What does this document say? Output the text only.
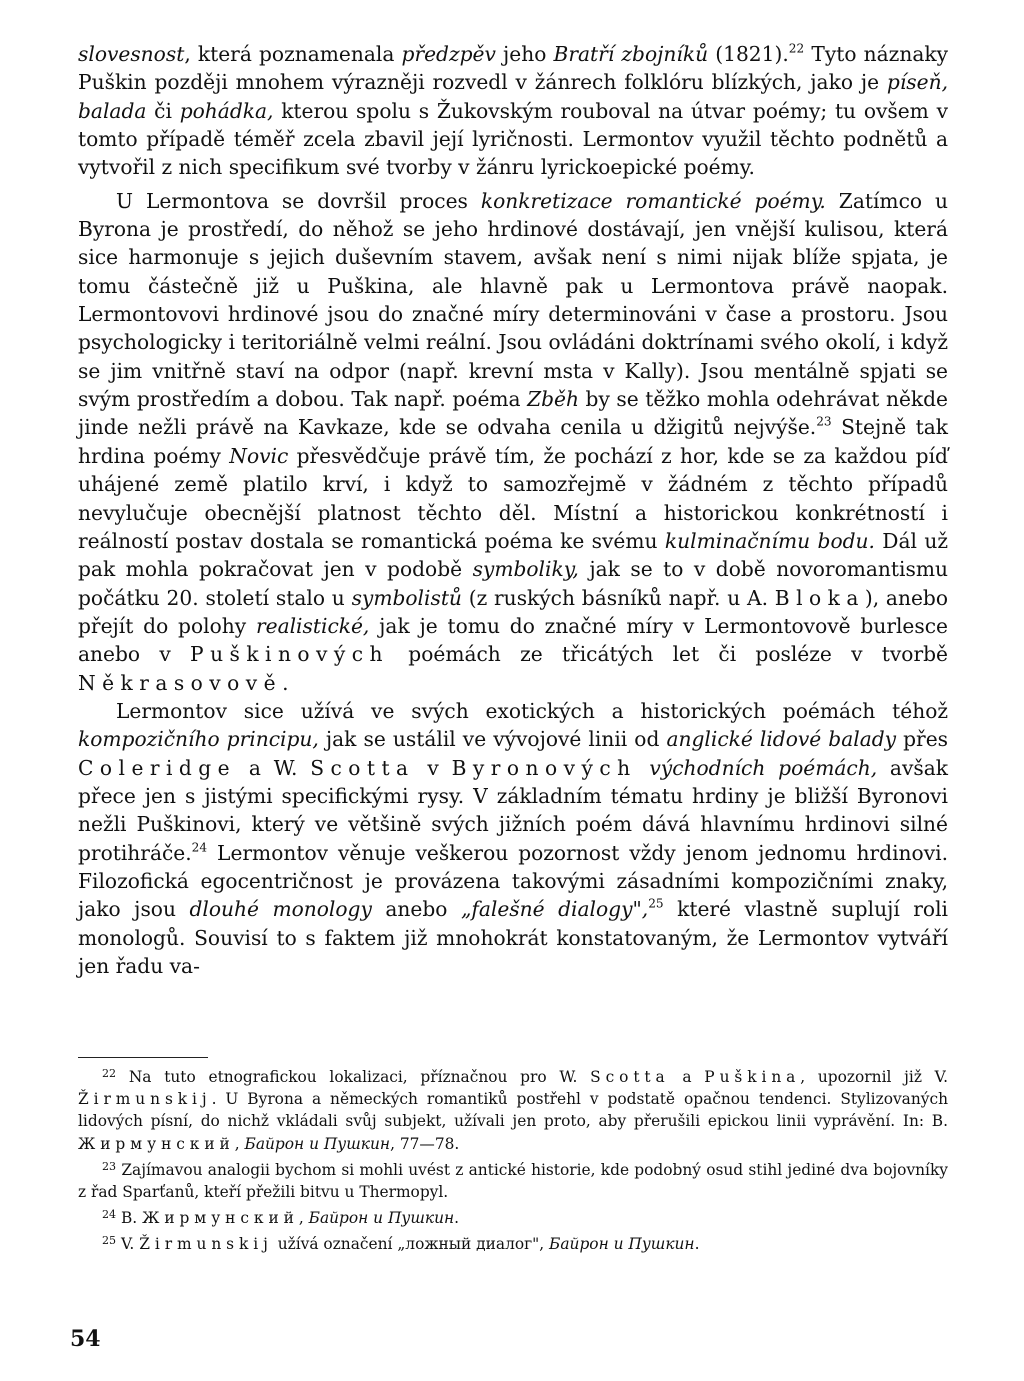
slovesnost, která poznamenala předzpěv jeho Bratří zbojníků (1821).$^{22}$ Tyto náznaky Puškin později mnohem výrazněji rozvedl v žánrech folklóru blízkých, jako je píseň, balada či pohádka, kterou spolu s Žukovským rouboval na útvar poémy; tu ovšem v tomto případě téměř zcela zbavil její lyričnosti. Lermontov využil těchto podnětů a vytvořil z nich specifikum své tvorby v žánru lyrickoepické poémy.

U Lermontova se dovršil proces konkretizace romantické poémy. Zatímco u Byrona je prostředí, do něhož se jeho hrdinové dostávají, jen vnější kulisou, která sice harmonuje s jejich duševním stavem, avšak není s nimi nijak blíže spjata, je tomu částečně již u Puškina, ale hlavně pak u Lermontova právě naopak. Lermontovovi hrdinové jsou do značné míry determinováni v čase a prostoru. Jsou psychologicky i teritoriálně velmi reální. Jsou ovládáni doktrínami svého okolí, i když se jim vnitřně staví na odpor (např. krevní msta v Kally). Jsou mentálně spjati se svým prostředím a dobou. Tak např. poéma Zběh by se těžko mohla odehrávat někde jinde nežli právě na Kavkaze, kde se odvaha cenila u džigitů nejvýše.$^{23}$ Stejně tak hrdina poémy Novic přesvědčuje právě tím, že pochází z hor, kde se za každou píď uhájené země platilo krví, i když to samozřejmě v žádném z těchto případů nevylučuje obecnější platnost těchto děl. Místní a historickou konkrétností i reálností postav dostala se romantická poéma ke svému kulminačnímu bodu. Dál už pak mohla pokračovat jen v podobě symboliky, jak se to v době novoromantismu počátku 20. století stalo u symbolistů (z ruských básníků např. u A. Bloka), anebo přejít do polohy realistické, jak je tomu do značné míry v Lermontovově burlesce anebo v Puškinových poémách ze třicátých let či posléze v tvorbě Někrasovově.

Lermontov sice užívá ve svých exotických a historických poémách téhož kompozičního principu, jak se ustálil ve vývojové linii od anglické lidové balady přes Coleridge a W. Scotta v Byronových východních poémách, avšak přece jen s jistými specifickými rysy. V základním tématu hrdiny je bližší Byronovi nežli Puškinovi, který ve většině svých jižních poém dává hlavnímu hrdinovi silné protihráče.$^{24}$ Lermontov věnuje veškerou pozornost vždy jenom jednomu hrdinovi. Filozofická egocentričnost je provázena takovými zásadními kompozičními znaky, jako jsou dlouhé monology anebo „falešné dialogy",$^{25}$ které vlastně suplují roli monologů. Souvisí to s faktem již mnohokrát konstatovaným, že Lermontov vytváří jen řadu va-

$^{22}$ Na tuto etnografickou lokalizaci, příznačnou pro W. Scotta a Puškina, upozornil již V. Žirmunskij. U Byrona a německých romantiků postřehl v podstatě opačnou tendenci. Stylizovaných lidových písní, do nichž vkládali svůj subjekt, užívali jen proto, aby přerušili epickou linii vyprávění. In: В. Жирмунский, Байрон и Пушкин, 77—78.

$^{23}$ Zajímavou analogii bychom si mohli uvést z antické historie, kde podobný osud stihl jediné dva bojovníky z řad Sparťanů, kteří přežili bitvu u Thermopyl.

$^{24}$ В. Жирмунский, Байрон и Пушкин.

$^{25}$ V. Žirmunskij užívá označení „ложный диалог", Байрон и Пушкин.

54
